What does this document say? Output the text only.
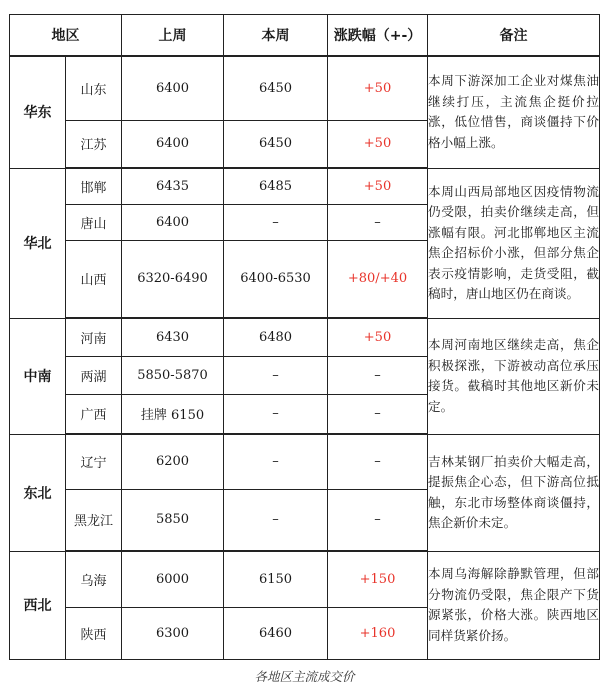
地区		上周	本周	涨跌幅（+-）	备注
华东	山东	6400	6450	+50	本周下游深加工企业对煤焦油继续打压，主流焦企挺价拉涨，低位惜售，商谈僵持下价格小幅上涨。
	江苏	6400	6450	+50	
华北	邯郸	6435	6485	+50	本周山西局部地区因疫情物流仍受限，拍卖价继续走高，但涨幅有限。河北邯郸地区主流焦企招标价小涨，但部分焦企表示疫情影响，走货受阻，截稿时，唐山地区仍在商谈。
	唐山	6400	–	–	
	山西	6320-6490	6400-6530	+80/+40	
中南	河南	6430	6480	+50	本周河南地区继续走高，焦企积极探涨，下游被动高位承压接货。截稿时其他地区新价未定。
	两湖	5850-5870	–	–	
	广西	挂牌 6150	–	–	
东北	辽宁	6200	–	–	吉林某钢厂拍卖价大幅走高，提振焦企心态，但下游高位抵触，东北市场整体商谈僵持，焦企新价未定。
	黑龙江	5850	–	–	
西北	乌海	6000	6150	+150	本周乌海解除静默管理，但部分物流仍受限，焦企限产下货源紧张，价格大涨。陕西地区同样货紧价扬。
	陕西	6300	6460	+160	
各地区主流成交价
